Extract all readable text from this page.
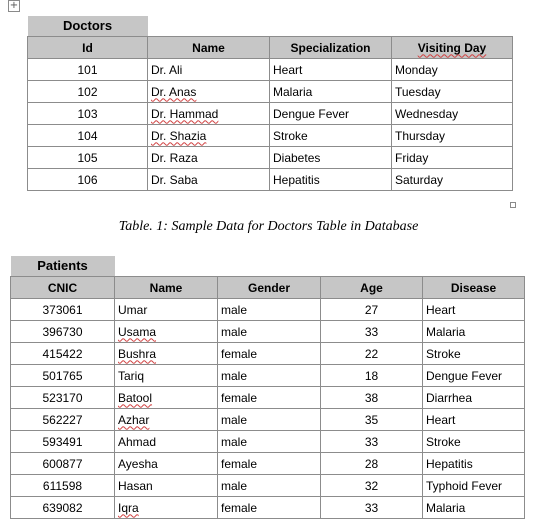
+
Doctors			

Id	Name	Specialization	Visiting Day
101	Dr. Ali	Heart	Monday
102	Dr. Anas	Malaria	Tuesday
103	Dr. Hammad	Dengue Fever	Wednesday
104	Dr. Shazia	Stroke	Thursday
105	Dr. Raza	Diabetes	Friday
106	Dr. Saba	Hepatitis	Saturday
Table. 1: Sample Data for Doctors Table in Database
Patients				

CNIC	Name	Gender	Age	Disease
373061	Umar	male	27	Heart
396730	Usama	male	33	Malaria
415422	Bushra	female	22	Stroke
501765	Tariq	male	18	Dengue Fever
523170	Batool	female	38	Diarrhea
562227	Azhar	male	35	Heart
593491	Ahmad	male	33	Stroke
600877	Ayesha	female	28	Hepatitis
611598	Hasan	male	32	Typhoid Fever
639082	Iqra	female	33	Malaria
